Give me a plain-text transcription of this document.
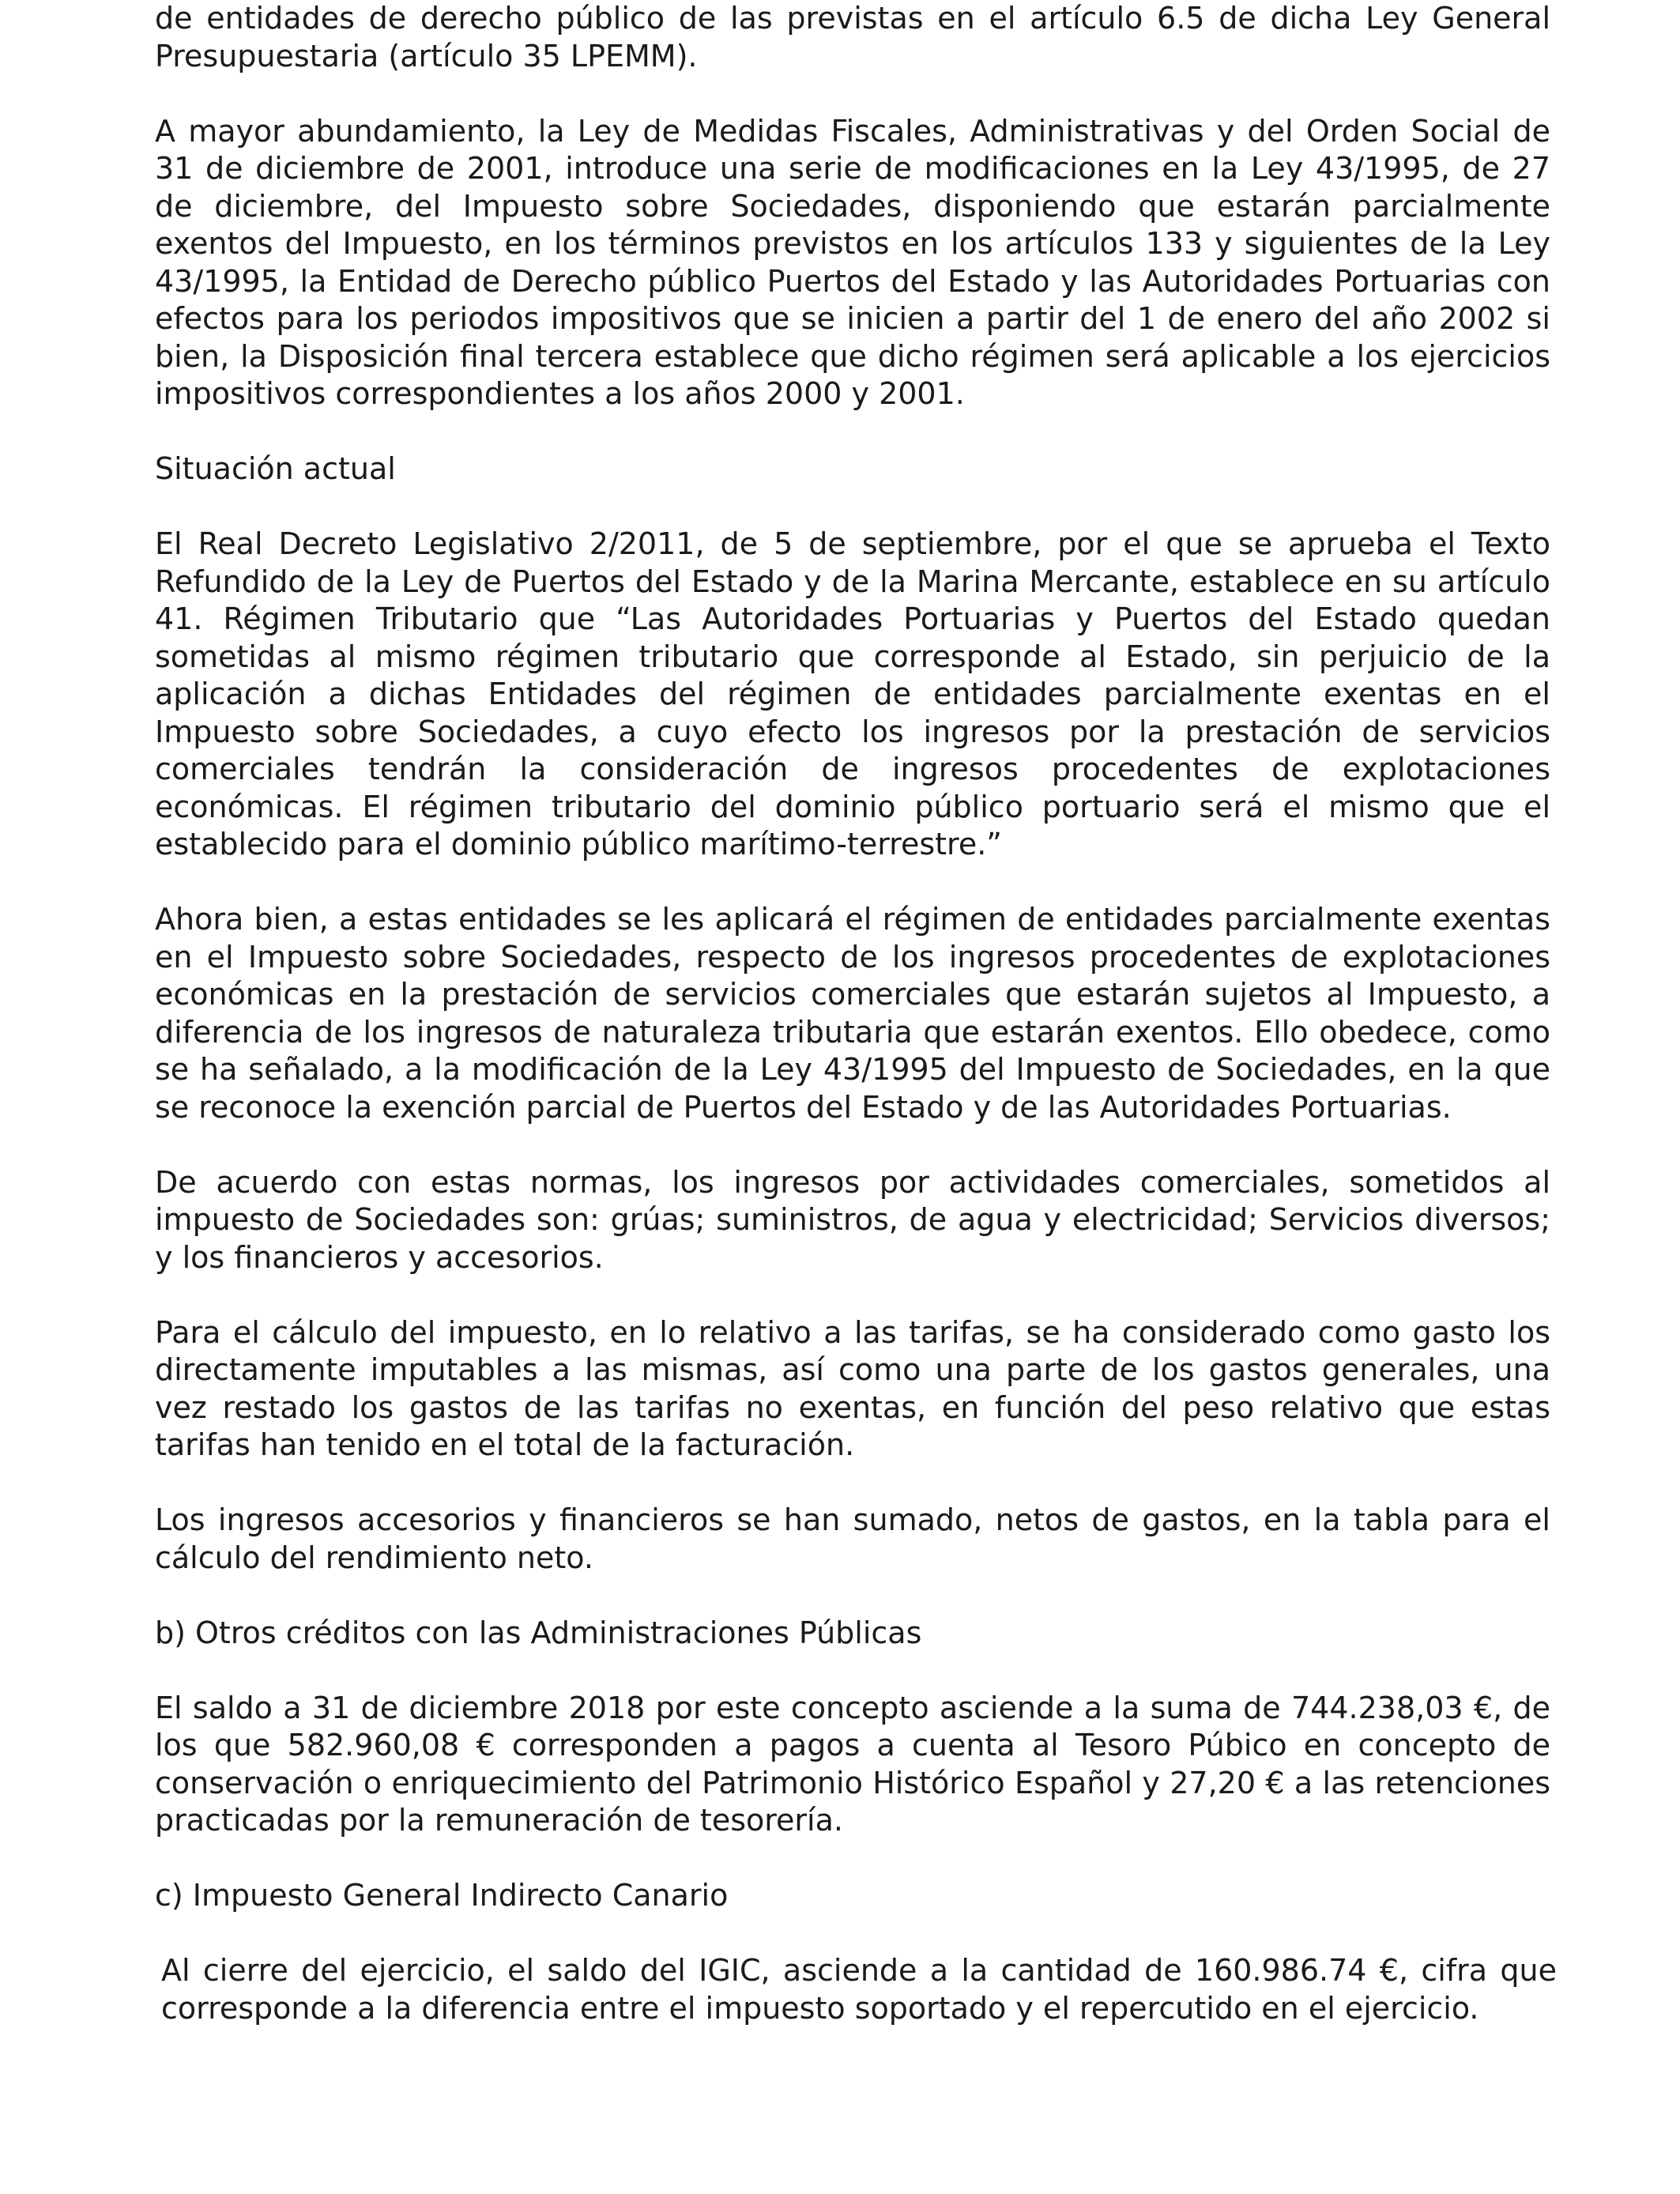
de entidades de derecho público de las previstas en el artículo 6.5 de dicha Ley General Presupuestaria (artículo 35 LPEMM).

A mayor abundamiento, la Ley de Medidas Fiscales, Administrativas y del Orden Social de 31 de diciembre de 2001, introduce una serie de modificaciones en la Ley 43/1995, de 27 de diciembre, del Impuesto sobre Sociedades, disponiendo que estarán parcialmente exentos del Impuesto, en los términos previstos en los artículos 133 y siguientes de la Ley 43/1995, la Entidad de Derecho público Puertos del Estado y las Autoridades Portuarias con efectos para los periodos impositivos que se inicien a partir del 1 de enero del año 2002 si bien, la Disposición final tercera establece que dicho régimen será aplicable a los ejercicios impositivos correspondientes a los años 2000 y 2001.

Situación actual

El Real Decreto Legislativo 2/2011, de 5 de septiembre, por el que se aprueba el Texto Refundido de la Ley de Puertos del Estado y de la Marina Mercante, establece en su artículo 41. Régimen Tributario que “Las Autoridades Portuarias y Puertos del Estado quedan sometidas al mismo régimen tributario que corresponde al Estado, sin perjuicio de la aplicación a dichas Entidades del régimen de entidades parcialmente exentas en el Impuesto sobre Sociedades, a cuyo efecto los ingresos por la prestación de servicios comerciales tendrán la consideración de ingresos procedentes de explotaciones económicas. El régimen tributario del dominio público portuario será el mismo que el establecido para el dominio público marítimo-terrestre.”

Ahora bien, a estas entidades se les aplicará el régimen de entidades parcialmente exentas en el Impuesto sobre Sociedades, respecto de los ingresos procedentes de explotaciones económicas en la prestación de servicios comerciales que estarán sujetos al Impuesto, a diferencia de los ingresos de naturaleza tributaria que estarán exentos. Ello obedece, como se ha señalado, a la modificación de la Ley 43/1995 del Impuesto de Sociedades, en la que se reconoce la exención parcial de Puertos del Estado y de las Autoridades Portuarias.

De acuerdo con estas normas, los ingresos por actividades comerciales, sometidos al impuesto de Sociedades son: grúas; suministros, de agua y electricidad; Servicios diversos; y los financieros y accesorios.

Para el cálculo del impuesto, en lo relativo a las tarifas, se ha considerado como gasto los directamente imputables a las mismas, así como una parte de los gastos generales, una vez restado los gastos de las tarifas no exentas, en función del peso relativo que estas tarifas han tenido en el total de la facturación.

Los ingresos accesorios y financieros se han sumado, netos de gastos, en la tabla para el cálculo del rendimiento neto.

b) Otros créditos con las Administraciones Públicas

El saldo a 31 de diciembre 2018 por este concepto asciende a la suma de 744.238,03 €, de los que 582.960,08 € corresponden a pagos a cuenta al Tesoro Púbico en concepto de conservación o enriquecimiento del Patrimonio Histórico Español y 27,20 € a las retenciones practicadas por la remuneración de tesorería.

c) Impuesto General Indirecto Canario

Al cierre del ejercicio, el saldo del IGIC, asciende a la cantidad de 160.986.74 €, cifra que corresponde a la diferencia entre el impuesto soportado y el repercutido en el ejercicio.
